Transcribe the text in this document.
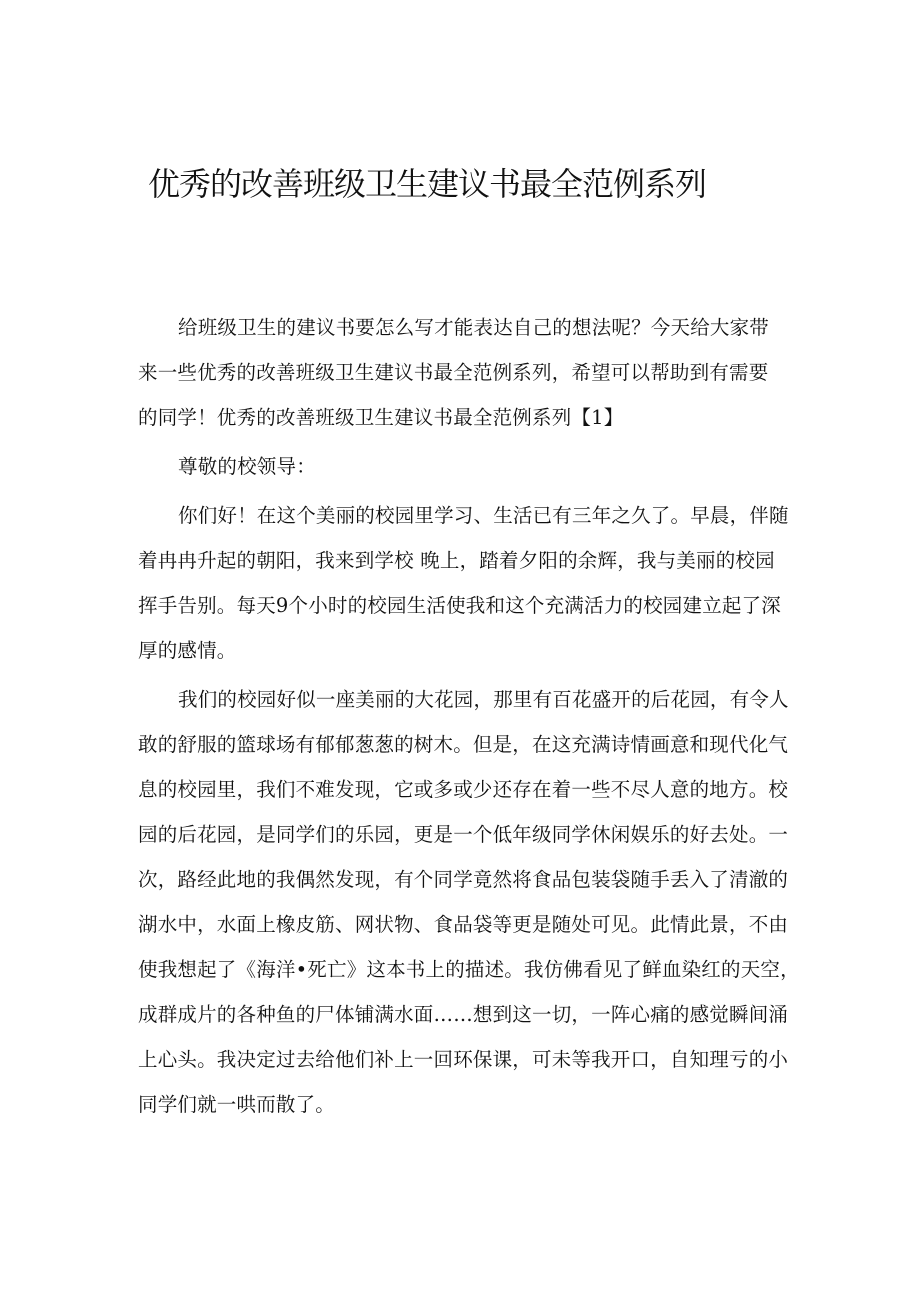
优秀的改善班级卫生建议书最全范例系列

给班级卫生的建议书要怎么写才能表达自己的想法呢？今天给大家带
来一些优秀的改善班级卫生建议书最全范例系列，希望可以帮助到有需要
的同学！优秀的改善班级卫生建议书最全范例系列【1】

尊敬的校领导：

你们好！在这个美丽的校园里学习、生活已有三年之久了。早晨，伴随
着冉冉升起的朝阳，我来到学校 晚上，踏着夕阳的余辉，我与美丽的校园
挥手告别。每天9个小时的校园生活使我和这个充满活力的校园建立起了深
厚的感情。

我们的校园好似一座美丽的大花园，那里有百花盛开的后花园，有令人
敢的舒服的篮球场有郁郁葱葱的树木。但是，在这充满诗情画意和现代化气
息的校园里，我们不难发现，它或多或少还存在着一些不尽人意的地方。校
园的后花园，是同学们的乐园，更是一个低年级同学休闲娱乐的好去处。一
次，路经此地的我偶然发现，有个同学竟然将食品包装袋随手丢入了清澈的
湖水中，水面上橡皮筋、网状物、食品袋等更是随处可见。此情此景，不由
使我想起了《海洋•死亡》这本书上的描述。我仿佛看见了鲜血染红的天空，
成群成片的各种鱼的尸体铺满水面……想到这一切，一阵心痛的感觉瞬间涌
上心头。我决定过去给他们补上一回环保课，可未等我开口，自知理亏的小
同学们就一哄而散了。
